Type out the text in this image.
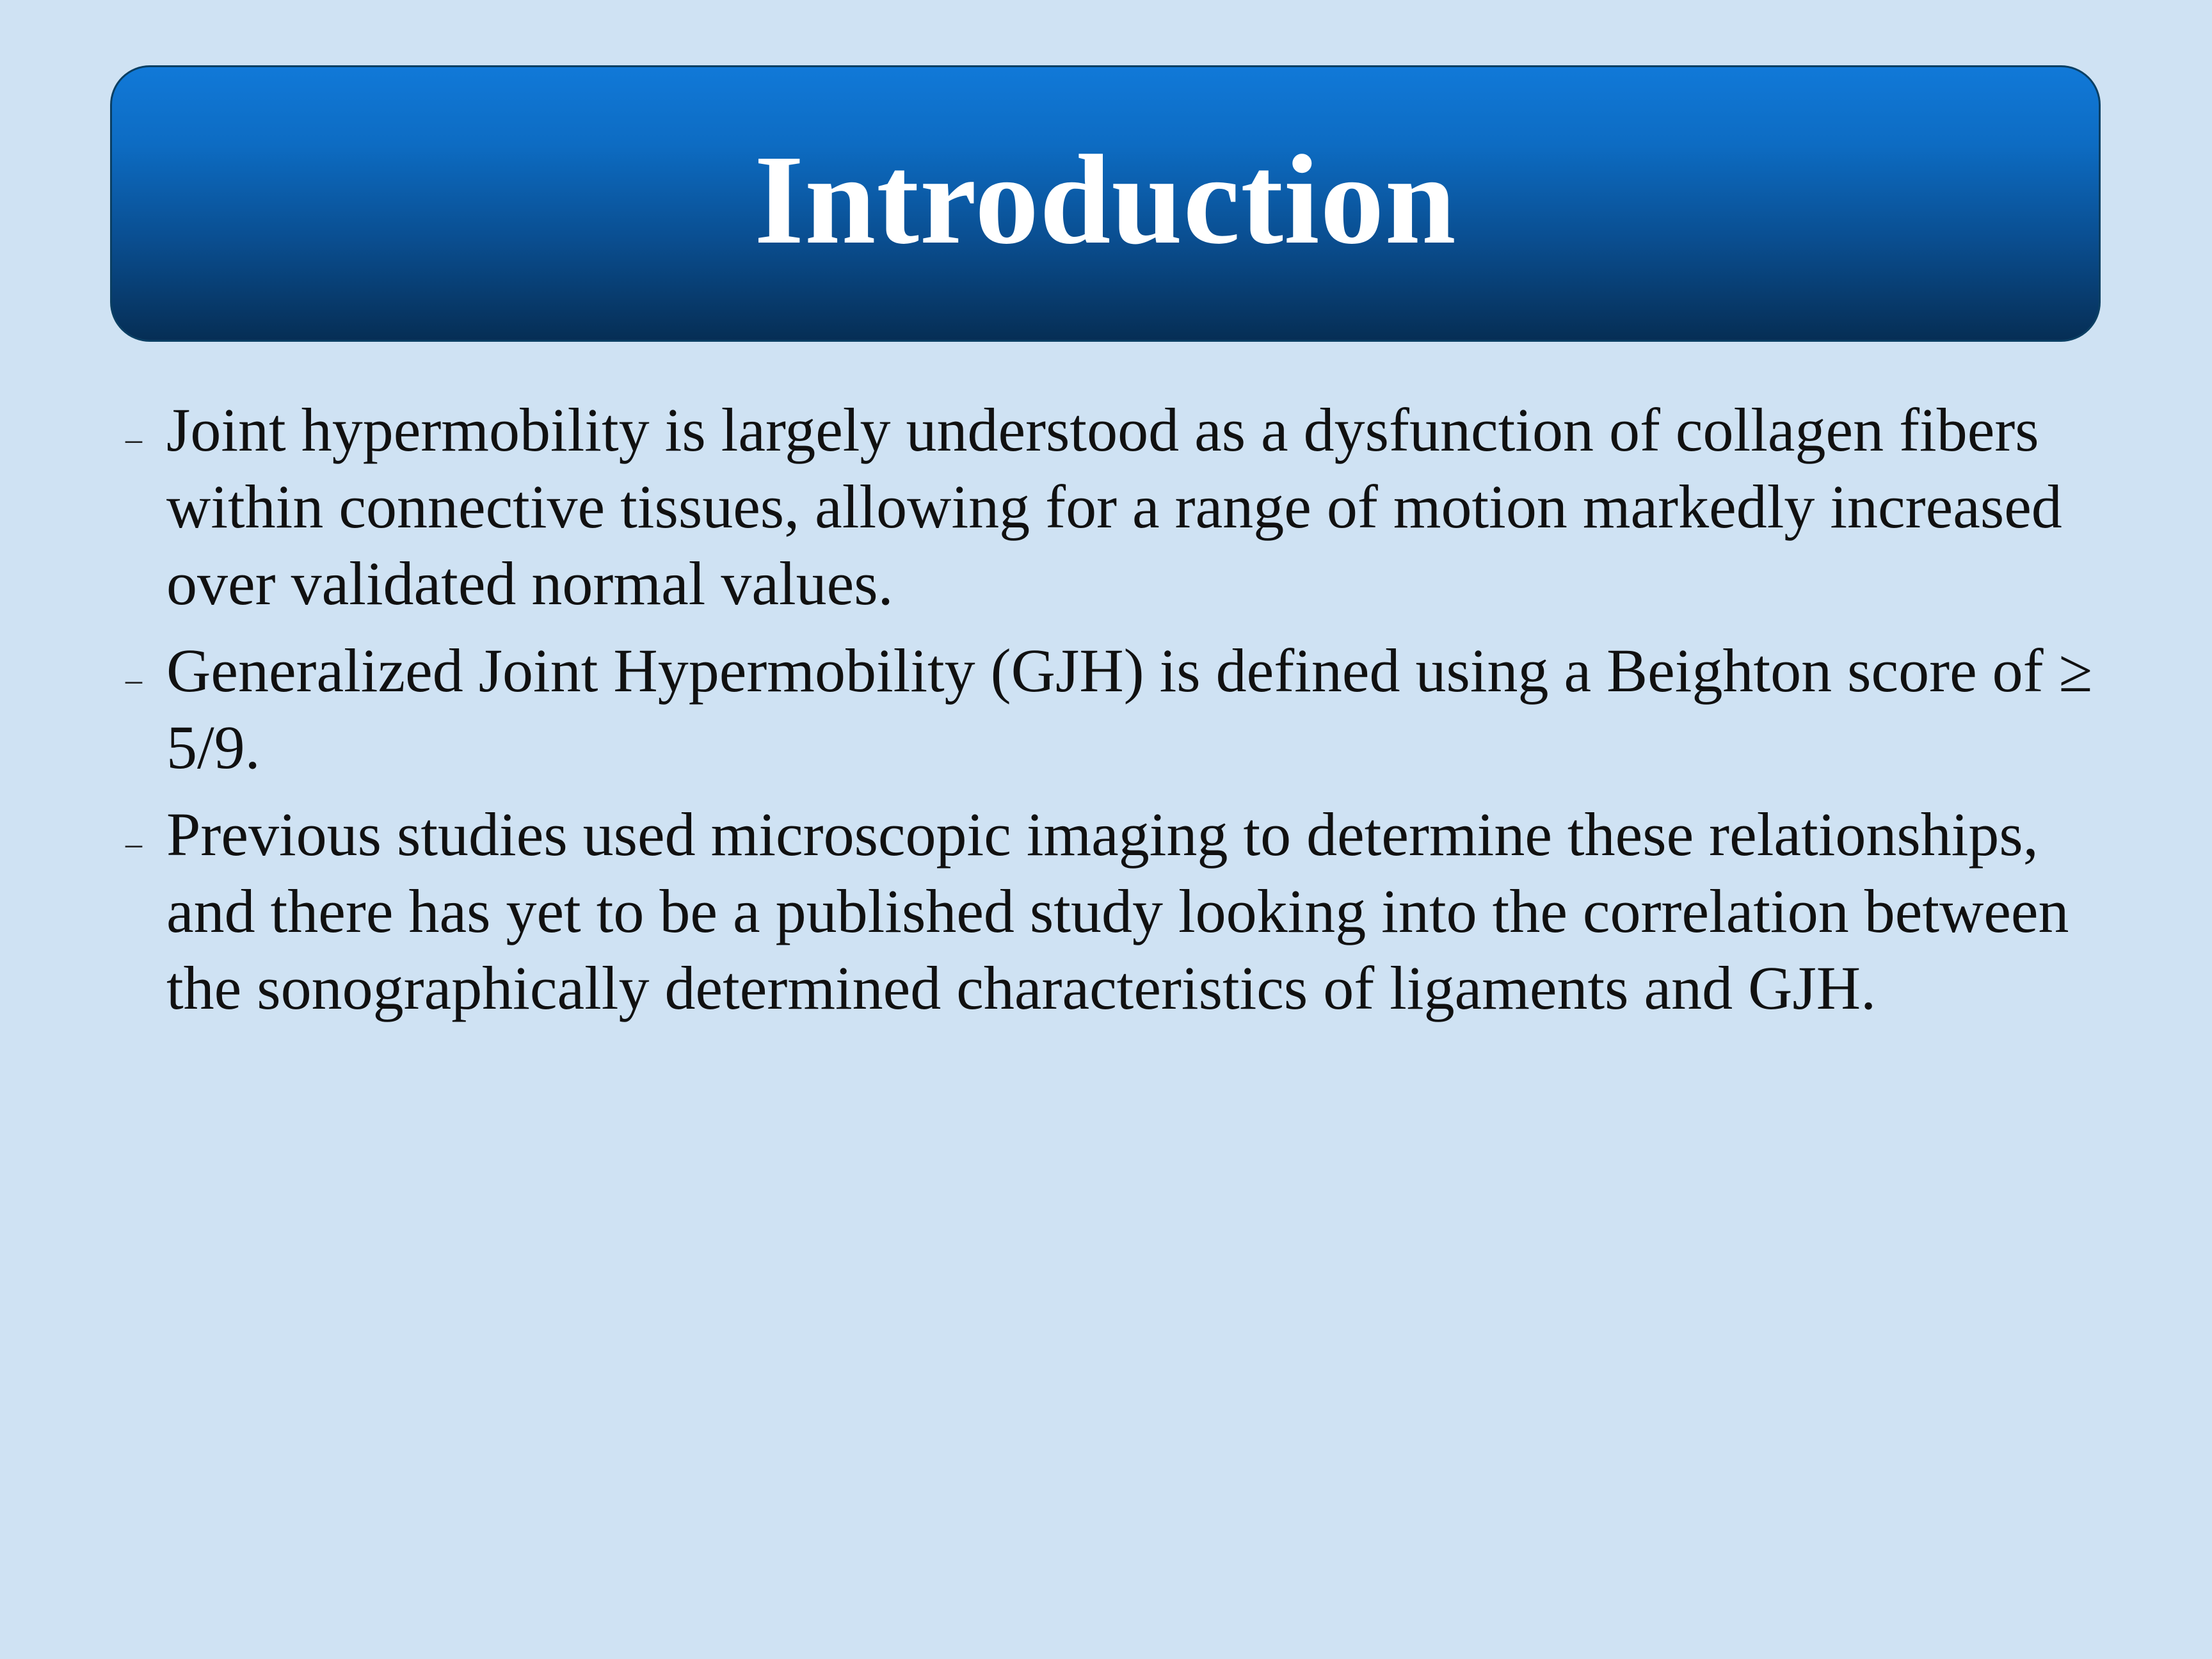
Introduction
– Joint hypermobility is largely understood as a dysfunction of collagen fibers within connective tissues, allowing for a range of motion markedly increased over validated normal values.
– Generalized Joint Hypermobility (GJH) is defined using a Beighton score of ≥ 5/9.
– Previous studies used microscopic imaging to determine these relationships, and there has yet to be a published study looking into the correlation between the sonographically determined characteristics of ligaments and GJH.
